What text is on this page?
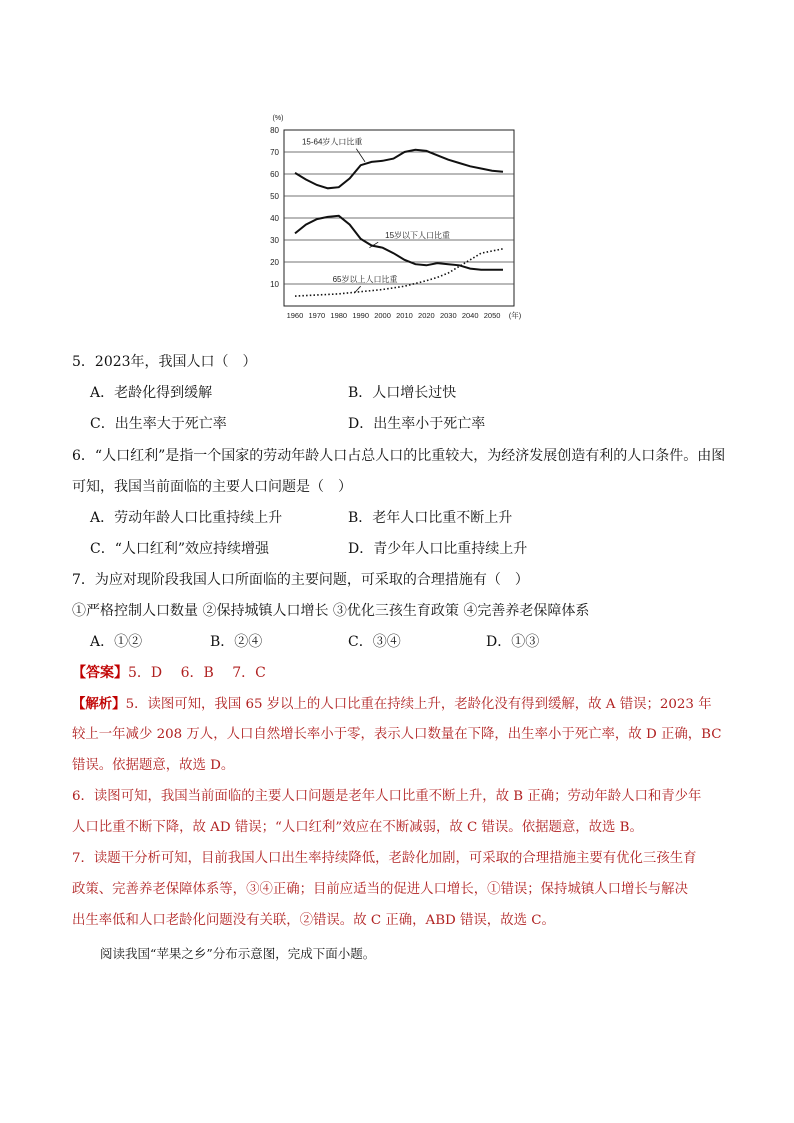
10
20
30
40
50
60
70
80
(%)
1960 1970 1980 1990 2000 2010 2020 2030 2040 2050 (年)
15-64岁人口比重
15岁以下人口比重
65岁以上人口比重
5．2023年，我国人口（　）
A．老龄化得到缓解	B．人口增长过快
C．出生率大于死亡率	D．出生率小于死亡率
6．“人口红利”是指一个国家的劳动年龄人口占总人口的比重较大，为经济发展创造有利的人口条件。由图
可知，我国当前面临的主要人口问题是（　）
A．劳动年龄人口比重持续上升	B．老年人口比重不断上升
C．“人口红利”效应持续增强	D．青少年人口比重持续上升
7．为应对现阶段我国人口所面临的主要问题，可采取的合理措施有（　）
①严格控制人口数量 ②保持城镇人口增长 ③优化三孩生育政策 ④完善养老保障体系
A．①②	B．②④	C．③④	D．①③
【答案】5．D　 6．B　 7．C
【解析】5．读图可知，我国 65 岁以上的人口比重在持续上升，老龄化没有得到缓解，故 A 错误；2023 年
较上一年减少 208 万人，人口自然增长率小于零，表示人口数量在下降，出生率小于死亡率，故 D 正确，BC
错误。依据题意，故选 D。
6．读图可知，我国当前面临的主要人口问题是老年人口比重不断上升，故 B 正确；劳动年龄人口和青少年
人口比重不断下降，故 AD 错误；“人口红利”效应在不断减弱，故 C 错误。依据题意，故选 B。
7．读题干分析可知，目前我国人口出生率持续降低，老龄化加剧，可采取的合理措施主要有优化三孩生育
政策、完善养老保障体系等，③④正确；目前应适当的促进人口增长，①错误；保持城镇人口增长与解决
出生率低和人口老龄化问题没有关联，②错误。故 C 正确，ABD 错误，故选 C。
阅读我国“苹果之乡”分布示意图，完成下面小题。
